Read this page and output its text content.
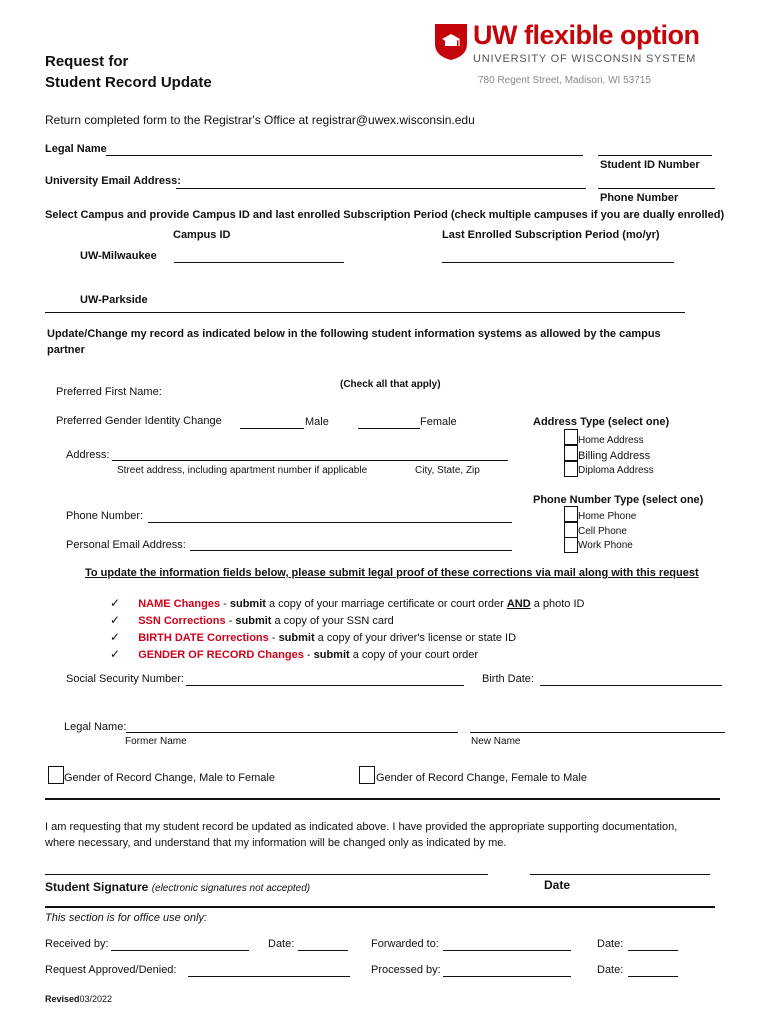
Request for
Student Record Update
UW flexible option
UNIVERSITY OF WISCONSIN SYSTEM
780 Regent Street, Madison, WI 53715
Return completed form to the Registrar's Office at registrar@uwex.wisconsin.edu
Legal Name
Student ID Number
University Email Address:
Phone Number
Select Campus and provide Campus ID and last enrolled Subscription Period (check multiple campuses if you are dually enrolled)
Campus ID	Last Enrolled Subscription Period (mo/yr)
UW-Milwaukee
UW-Parkside
Update/Change my record as indicated below in the following student information systems as allowed by the campus
partner
(Check all that apply)
Preferred First Name:
Preferred Gender Identity Change	Male	Female	Address Type (select one)
Home Address
Billing Address
Diploma Address
Address:
Street address, including apartment number if applicable	City, State, Zip
Phone Number Type (select one)
Home Phone
Cell Phone
Work Phone
Phone Number:
Personal Email Address:
To update the information fields below, please submit legal proof of these corrections via mail along with this request
✓ NAME Changes - submit a copy of your marriage certificate or court order AND a photo ID
✓ SSN Corrections - submit a copy of your SSN card
✓ BIRTH DATE Corrections - submit a copy of your driver's license or state ID
✓ GENDER OF RECORD Changes - submit a copy of your court order
Social Security Number:	Birth Date:
Legal Name:
Former Name	New Name
Gender of Record Change, Male to Female	Gender of Record Change, Female to Male
I am requesting that my student record be updated as indicated above. I have provided the appropriate supporting documentation,
where necessary, and understand that my information will be changed only as indicated by me.
Student Signature (electronic signatures not accepted)	Date
This section is for office use only:
Received by:	Date:	Forwarded to:	Date:
Request Approved/Denied:	Processed by:	Date:
Revised03/2022
